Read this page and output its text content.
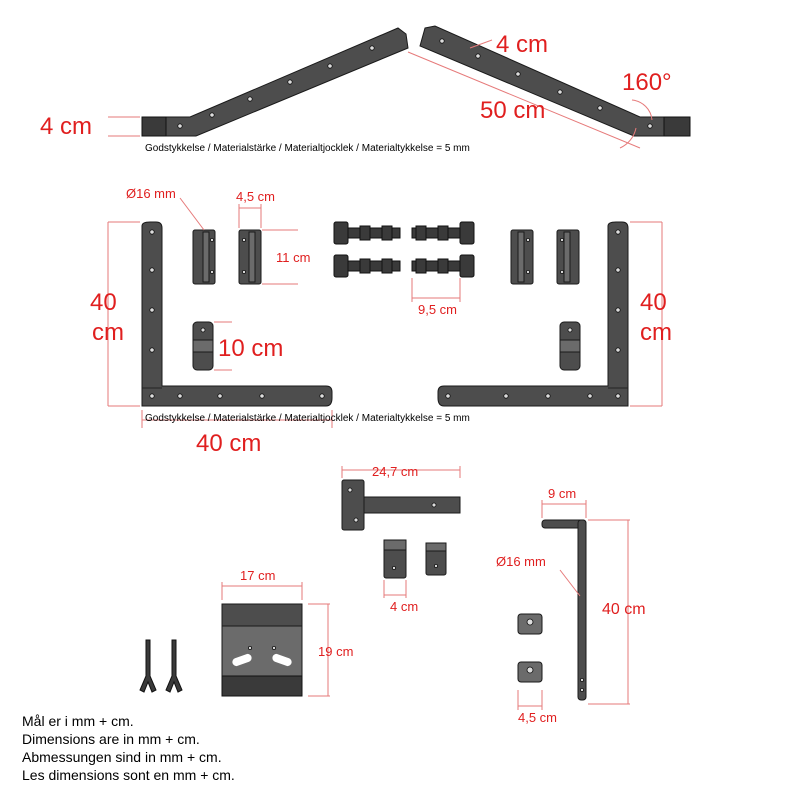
4 cm
4 cm
160°
50 cm
Godstykkelse / Materialstärke / Materialtjocklek / Materialtykkelse = 5 mm
Ø16 mm	4,5 cm
11 cm
40
cm
40
cm
9,5 cm
10 cm
Godstykkelse / Materialstärke / Materialtjocklek / Materialtykkelse = 5 mm
40 cm
24,7 cm
4 cm
17 cm
19 cm
9 cm
Ø16 mm
40 cm
4,5 cm
Mål er i mm + cm.
Dimensions are in mm + cm.
Abmessungen sind in mm + cm.
Les dimensions sont en mm + cm.
